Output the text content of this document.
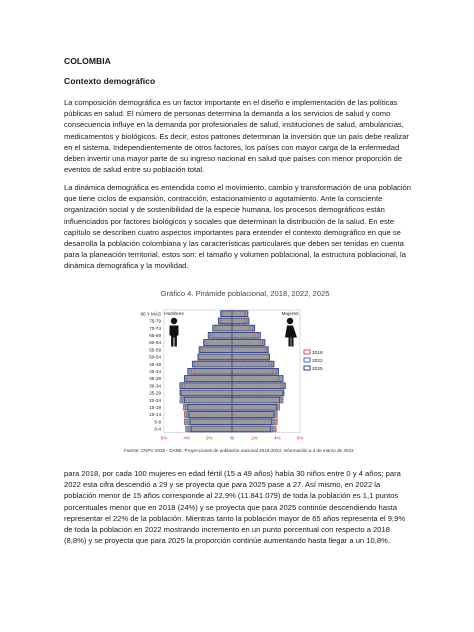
COLOMBIA
Contexto demográfico

La composición demográfica es un factor importante en el diseño e implementación de las políticas públicas en salud. El número de personas determina la demanda a los servicios de salud y como consecuencia influye en la demanda por profesionales de salud, instituciones de salud, ambulancias, medicamentos y biológicos. Es decir, estos patrones determinan la inversión que un país debe realizar en el sistema. Independientemente de otros factores, los países con mayor carga de la enfermedad deben invertir una mayor parte de su ingreso nacional en salud que países con menor proporción de eventos de salud entre su población total.

La dinámica demográfica es entendida como el movimiento, cambio y transformación de una población que tiene ciclos de expansión, contracción, estacionamiento o agotamiento. Ante la consciente organización social y de sostenibilidad de la especie humana, los procesos demográficos están influenciados por factores biológicos y sociales que determinan la distribución de la salud. En este capítulo se describen cuatro aspectos importantes para entender el contexto demográfico en que se desarrolla la población colombiana y las características particulares que deben ser tenidas en cuenta para la planeación territorial, estos son: el tamaño y volumen poblacional, la estructura poblacional, la dinámica demográfica y la movilidad.

Gráfico 4. Pirámide poblacional, 2018, 2022, 2025
80 Y MÁS
75-79
70-74
65-69
60-64
55-59
50-54
45-49
40-44
35-39
30-34
25-29
20-24
15-19
10-14
5-9
0-4
6%	4%	2%	%	2%	4%	6%
Hombres	Mujeres
2018
2022
2025
Fuente: CNPV 2018 - DANE. Proyecciones de población nacional 2018-2023. Información a 4 de marzo de 2023

para 2018, por cada 100 mujeres en edad fértil (15 a 49 años) había 30 niños entre 0 y 4 años; para 2022 esta cifra descendió a 29 y se proyecta que para 2025 pase a 27. Así mismo, en 2022 la población menor de 15 años corresponde al 22,9% (11.841.079) de toda la población es 1,1 puntos porcentuales menor que en 2018 (24%) y se proyecta que para 2025 continúe descendiendo hasta representar el 22% de la población. Mientras tanto la población mayor de 65 años representa el 9,9% de toda la población en 2022 mostrando incremento en un punto porcentual con respecto a 2018 (8,8%) y se proyecta que para 2025 la proporción continúe aumentando hasta llegar a un 10,8%.
